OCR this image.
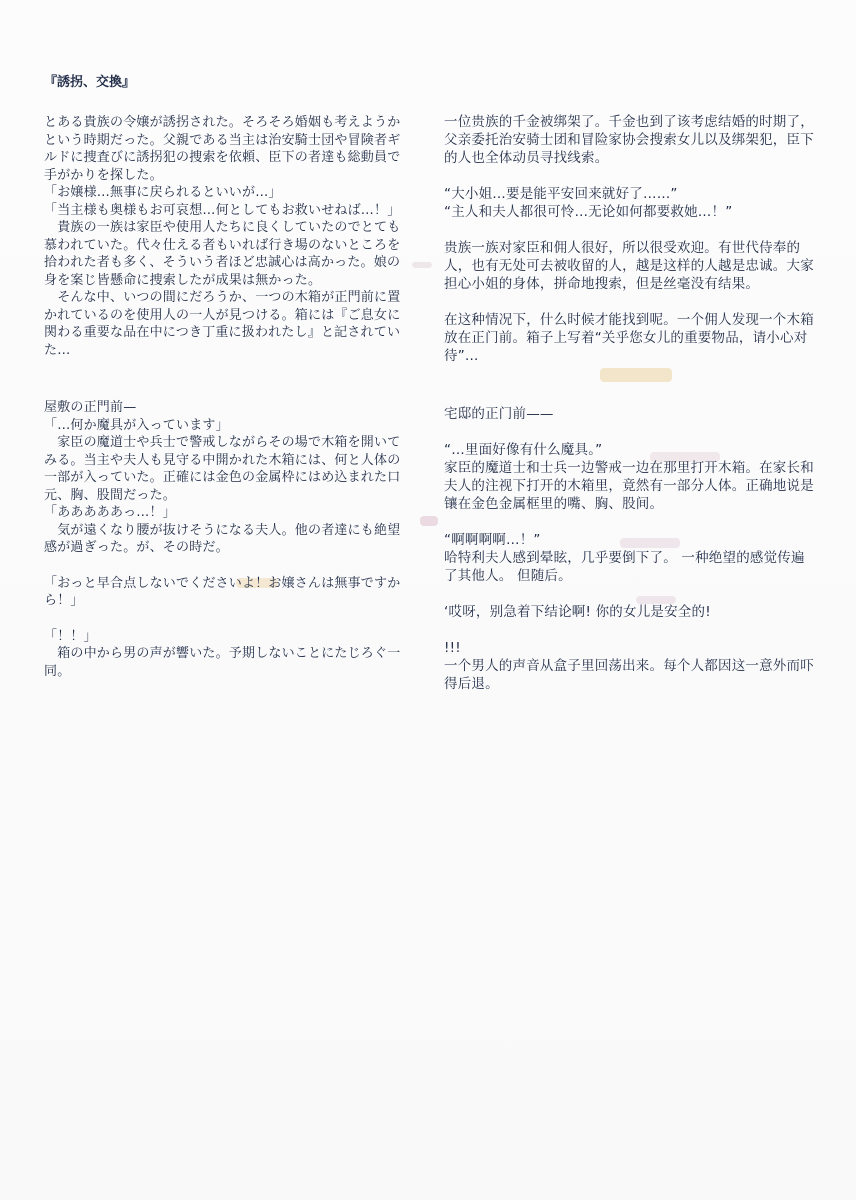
『誘拐、交換』

とある貴族の令嬢が誘拐された。そろそろ婚姻も考えようかという時期だった。父親である当主は治安騎士団や冒険者ギルドに捜査びに誘拐犯の捜索を依頼、臣下の者達も総動員で手がかりを探した。

「お嬢様…無事に戻られるといいが…」

「当主様も奥様もお可哀想…何としてもお救いせねば…！」

　貴族の一族は家臣や使用人たちに良くしていたのでとても慕われていた。代々仕える者もいれば行き場のないところを拾われた者も多く、そういう者ほど忠誠心は高かった。娘の身を案じ皆懸命に捜索したが成果は無かった。

　そんな中、いつの間にだろうか、一つの木箱が正門前に置かれているのを使用人の一人が見つける。箱には『ご息女に関わる重要な品在中につき丁重に扱われたし』と記されていた…

屋敷の正門前—

「…何か魔具が入っています」

　家臣の魔道士や兵士で警戒しながらその場で木箱を開いてみる。当主や夫人も見守る中開かれた木箱には、何と人体の一部が入っていた。正確には金色の金属枠にはめ込まれた口元、胸、股間だった。

「あああああっ…！」

　気が遠くなり腰が抜けそうになる夫人。他の者達にも絶望感が過ぎった。が、その時だ。

「おっと早合点しないでくださいよ！お嬢さんは無事ですから！」

「！！」

　箱の中から男の声が響いた。予期しないことにたじろぐ一同。

一位贵族的千金被绑架了。千金也到了该考虑结婚的时期了，父亲委托治安骑士团和冒险家协会搜索女儿以及绑架犯，臣下的人也全体动员寻找线索。

“大小姐…要是能平安回来就好了……”

“主人和夫人都很可怜…无论如何都要救她…！”

贵族一族对家臣和佣人很好，所以很受欢迎。有世代侍奉的人，也有无处可去被收留的人，越是这样的人越是忠诚。大家担心小姐的身体，拼命地搜索，但是丝毫没有结果。

在这种情况下，什么时候才能找到呢。一个佣人发现一个木箱放在正门前。箱子上写着“关乎您女儿的重要物品，请小心对待”…

宅邸的正门前——

“…里面好像有什么魔具。”

家臣的魔道士和士兵一边警戒一边在那里打开木箱。在家长和夫人的注视下打开的木箱里，竟然有一部分人体。正确地说是镶在金色金属框里的嘴、胸、股间。

“啊啊啊啊…！”

哈特利夫人感到晕眩，几乎要倒下了。 一种绝望的感觉传遍了其他人。 但随后。

‘哎呀，别急着下结论啊! 你的女儿是安全的!

!!!

一个男人的声音从盒子里回荡出来。每个人都因这一意外而吓得后退。
